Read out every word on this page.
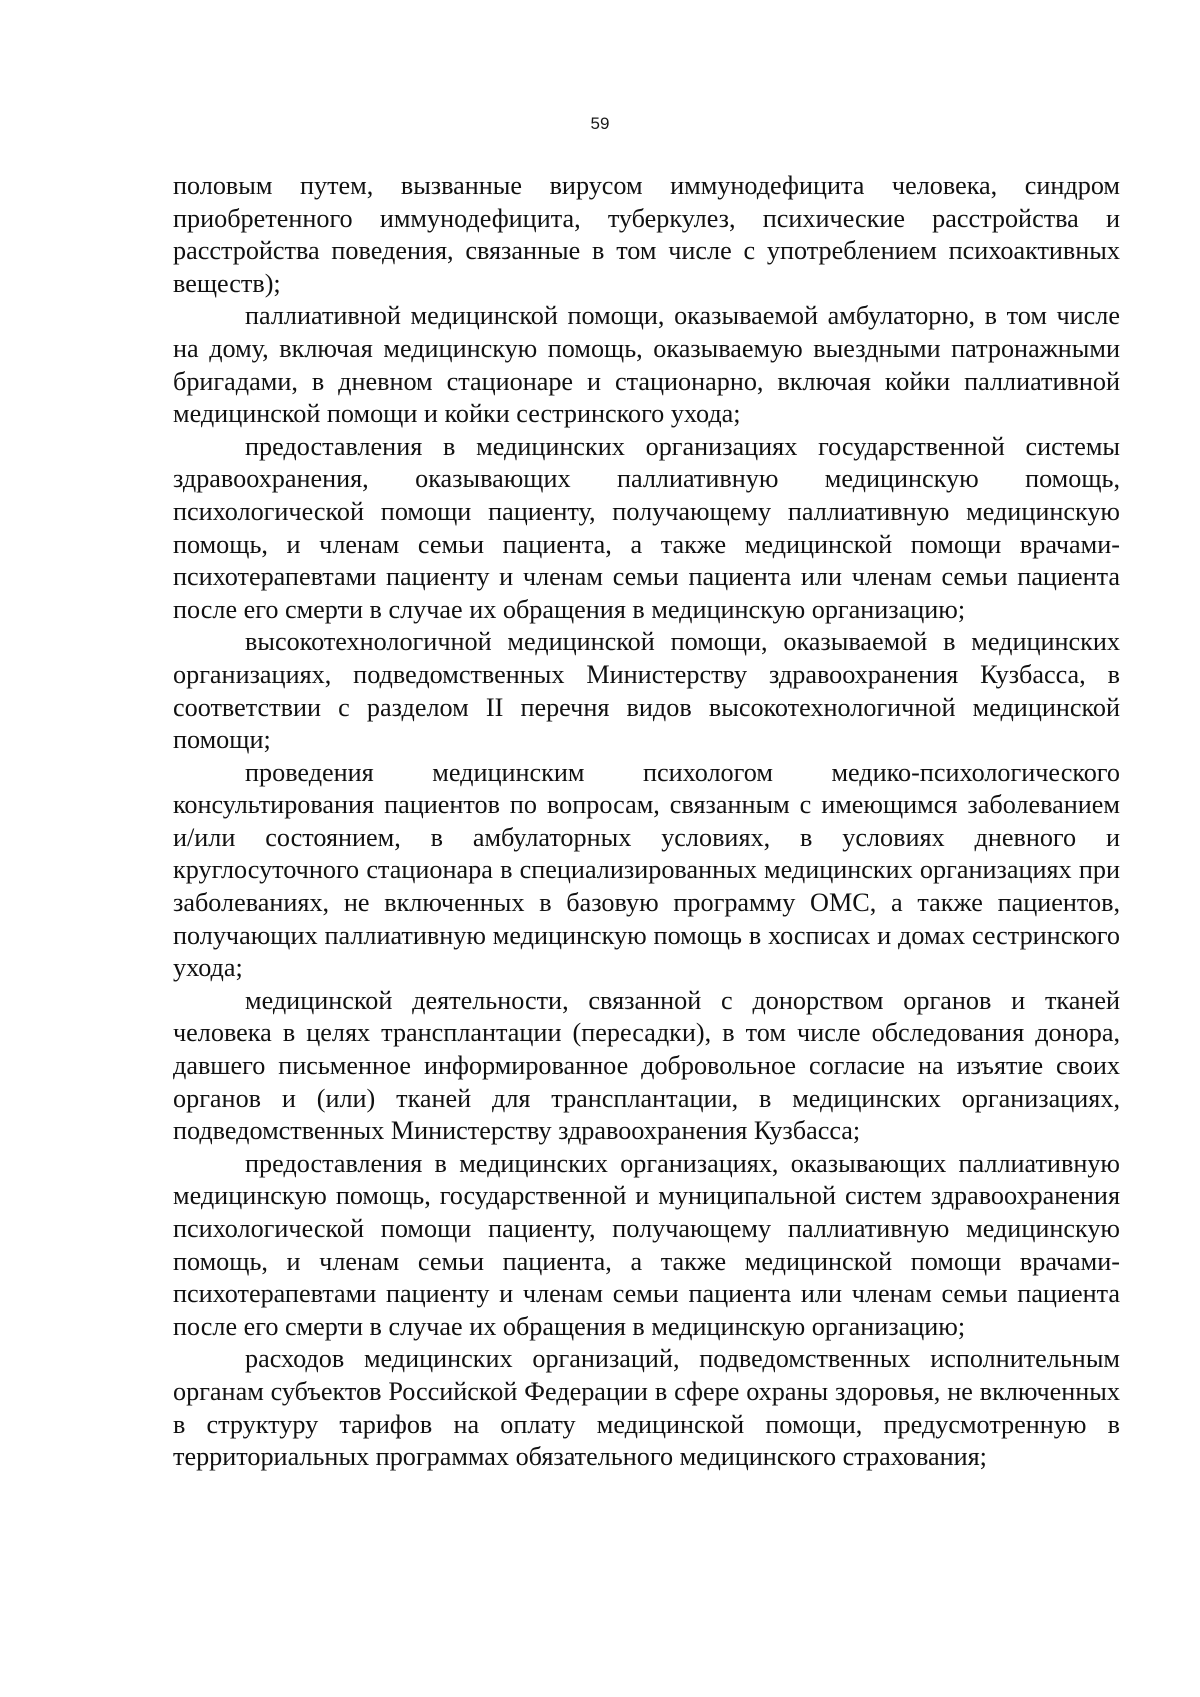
59

половым путем, вызванные вирусом иммунодефицита человека, синдром приобретенного иммунодефицита, туберкулез, психические расстройства и расстройства поведения, связанные в том числе с употреблением психоактивных веществ);

паллиативной медицинской помощи, оказываемой амбулаторно, в том числе на дому, включая медицинскую помощь, оказываемую выездными патронажными бригадами, в дневном стационаре и стационарно, включая койки паллиативной медицинской помощи и койки сестринского ухода;

предоставления в медицинских организациях государственной системы здравоохранения, оказывающих паллиативную медицинскую помощь, психологической помощи пациенту, получающему паллиативную медицинскую помощь, и членам семьи пациента, а также медицинской помощи врачами-психотерапевтами пациенту и членам семьи пациента или членам семьи пациента после его смерти в случае их обращения в медицинскую организацию;

высокотехнологичной медицинской помощи, оказываемой в медицинских организациях, подведомственных Министерству здравоохранения Кузбасса, в соответствии с разделом II перечня видов высокотехнологичной медицинской помощи;

проведения медицинским психологом медико-психологического консультирования пациентов по вопросам, связанным с имеющимся заболеванием и/или состоянием, в амбулаторных условиях, в условиях дневного и круглосуточного стационара в специализированных медицинских организациях при заболеваниях, не включенных в базовую программу ОМС, а также пациентов, получающих паллиативную медицинскую помощь в хосписах и домах сестринского ухода;

медицинской деятельности, связанной с донорством органов и тканей человека в целях трансплантации (пересадки), в том числе обследования донора, давшего письменное информированное добровольное согласие на изъятие своих органов и (или) тканей для трансплантации, в медицинских организациях, подведомственных Министерству здравоохранения Кузбасса;

предоставления в медицинских организациях, оказывающих паллиативную медицинскую помощь, государственной и муниципальной систем здравоохранения психологической помощи пациенту, получающему паллиативную медицинскую помощь, и членам семьи пациента, а также медицинской помощи врачами-психотерапевтами пациенту и членам семьи пациента или членам семьи пациента после его смерти в случае их обращения в медицинскую организацию;

расходов медицинских организаций, подведомственных исполнительным органам субъектов Российской Федерации в сфере охраны здоровья, не включенных в структуру тарифов на оплату медицинской помощи, предусмотренную в территориальных программах обязательного медицинского страхования;
